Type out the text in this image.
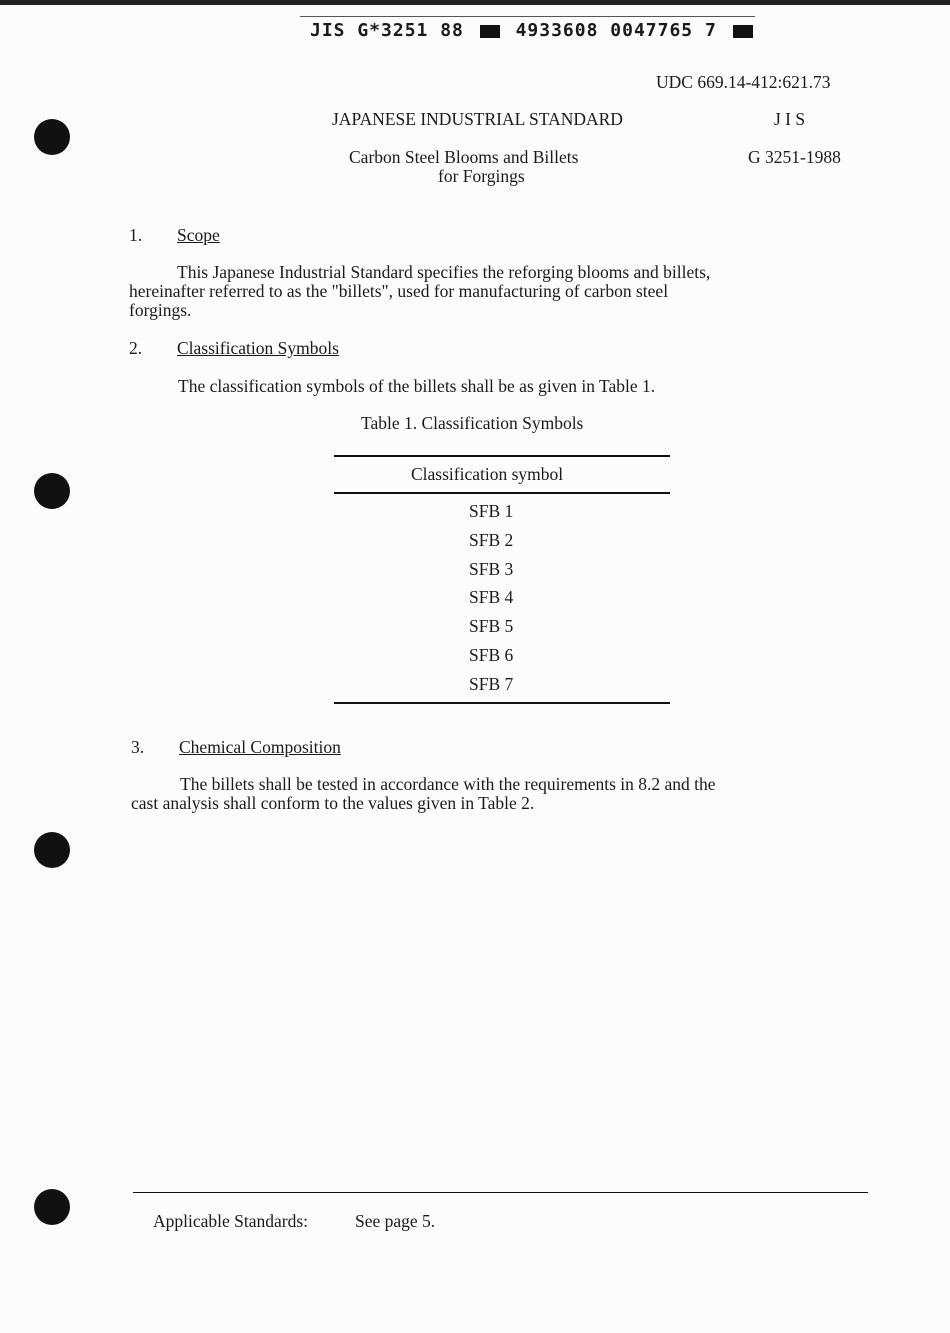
JIS G*3251 88	4933608 0047765 7
UDC 669.14-412:621.73
JAPANESE INDUSTRIAL STANDARD	J I S
Carbon Steel Blooms and Billets
for Forgings
G 3251-1988
1. Scope
This Japanese Industrial Standard specifies the reforging blooms and billets,
hereinafter referred to as the "billets", used for manufacturing of carbon steel
forgings.
2. Classification Symbols
The classification symbols of the billets shall be as given in Table 1.
Table 1. Classification Symbols
Classification symbol
SFB 1
SFB 2
SFB 3
SFB 4
SFB 5
SFB 6
SFB 7
3. Chemical Composition
The billets shall be tested in accordance with the requirements in 8.2 and the
cast analysis shall conform to the values given in Table 2.
Applicable Standards:	See page 5.
